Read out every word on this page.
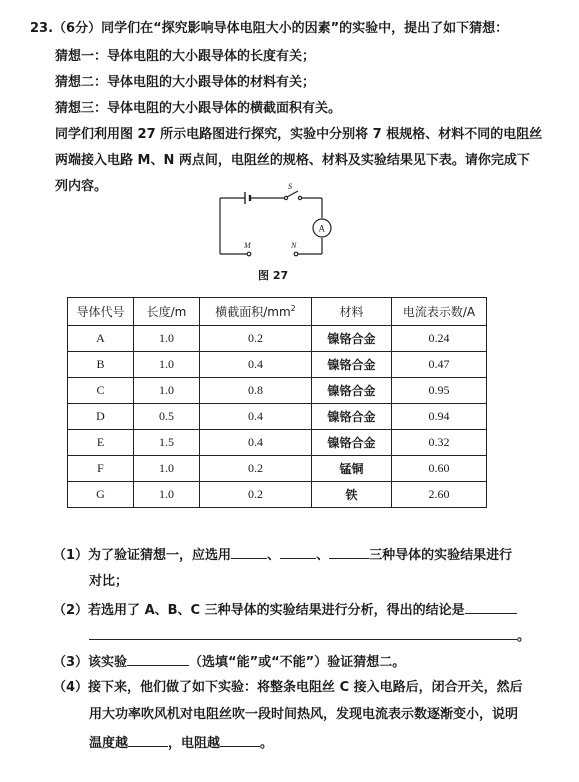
23.（6分）同学们在“探究影响导体电阻大小的因素”的实验中，提出了如下猜想：
猜想一：导体电阻的大小跟导体的长度有关；
猜想二：导体电阻的大小跟导体的材料有关；
猜想三：导体电阻的大小跟导体的横截面积有关。
同学们利用图 27 所示电路图进行探究，实验中分别将 7 根规格、材料不同的电阻丝
两端接入电路 M、N 两点间，电阻丝的规格、材料及实验结果见下表。请你完成下
列内容。	S
A
M	N
图 27
导体代号	长度/m	横截面积$/mm^2$	材料	电流表示数/A
A	1.0	0.2	镍铬合金	0.24
B	1.0	0.4	镍铬合金	0.47
C	1.0	0.8	镍铬合金	0.95
D	0.5	0.4	镍铬合金	0.94
E	1.5	0.4	镍铬合金	0.32
F	1.0	0.2	锰铜	0.60
G	1.0	0.2	铁	2.60
（1）为了验证猜想一，应选用	、	、	三种导体的实验结果进行
对比；
（2）若选用了 A、B、C 三种导体的实验结果进行分析，得出的结论是
。
（3）该实验	（选填“能”或“不能”）验证猜想二。
（4）接下来，他们做了如下实验：将整条电阻丝 C 接入电路后，闭合开关，然后
用大功率吹风机对电阻丝吹一段时间热风，发现电流表示数逐渐变小，说明
温度越	，电阻越	。
